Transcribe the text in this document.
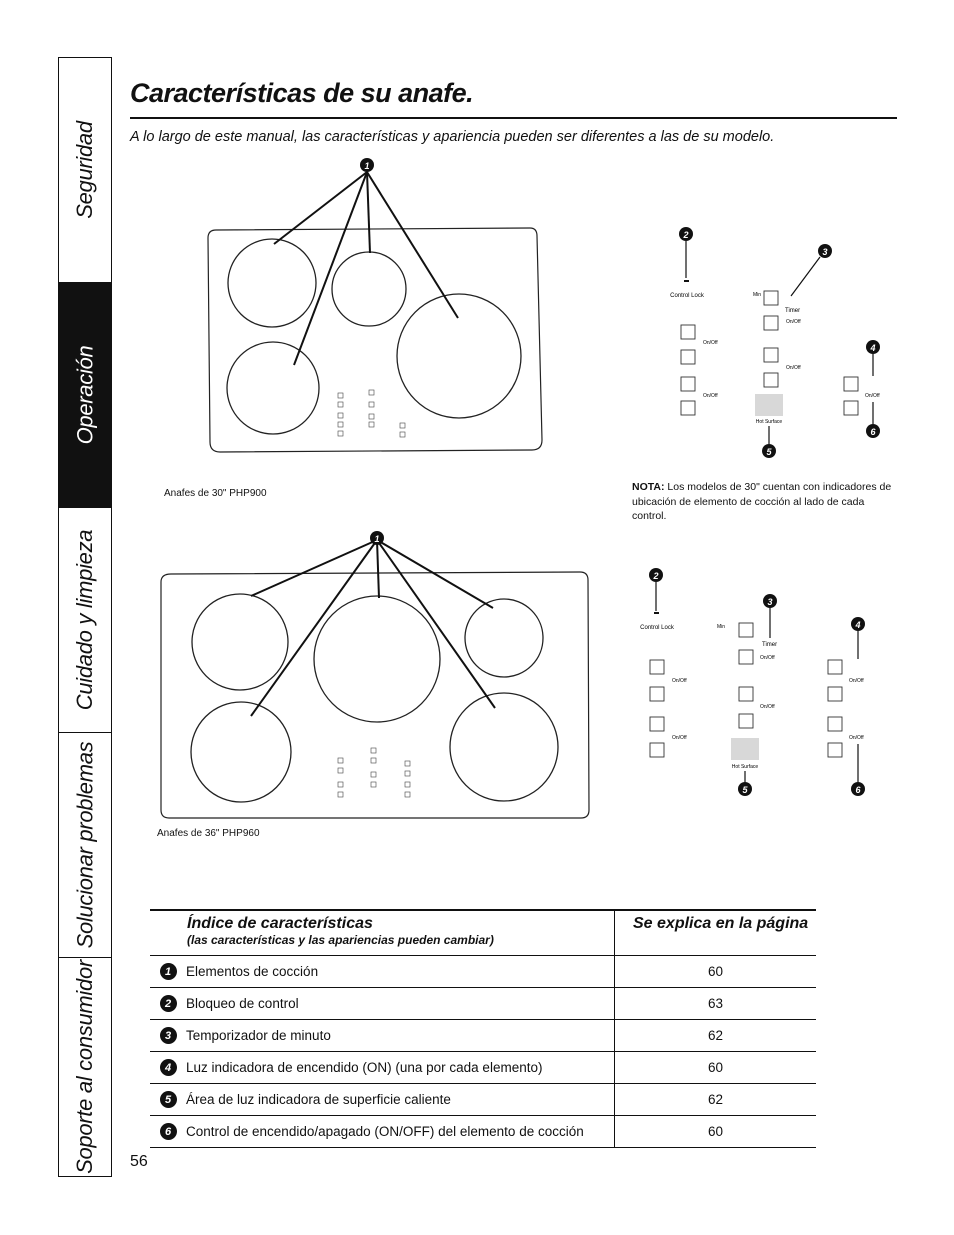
Seguridad
Operación
Cuidado y limpieza
Solucionar problemas
Soporte al consumidor
Características de su anafe.
A lo largo de este manual, las características y apariencia pueden ser diferentes a las de su modelo.
1
Anafes de 30" PHP900
2
Control Lock
3
Min
Timer
On/Off
On/Off
On/Off
On/Off	On/Off
Hot Surface
5
4
6
NOTA: Los modelos de 30" cuentan con indicadores de ubicación de elemento de cocción al lado de cada control.
1
Anafes de 36" PHP960
2
Control Lock
3
Min
Timer
On/Off
On/Off
On/Off
On/Off
On/Off
On/Off
Hot Surface
5
4
6
Índice de características
(las características y las apariencias pueden cambiar)		Se explica en la página
1	Elementos de cocción	60
2	Bloqueo de control	63
3	Temporizador de minuto	62
4	Luz indicadora de encendido (ON) (una por cada elemento)	60
5	Área de luz indicadora de superficie caliente	62
6	Control de encendido/apagado (ON/OFF) del elemento de cocción	60
56
